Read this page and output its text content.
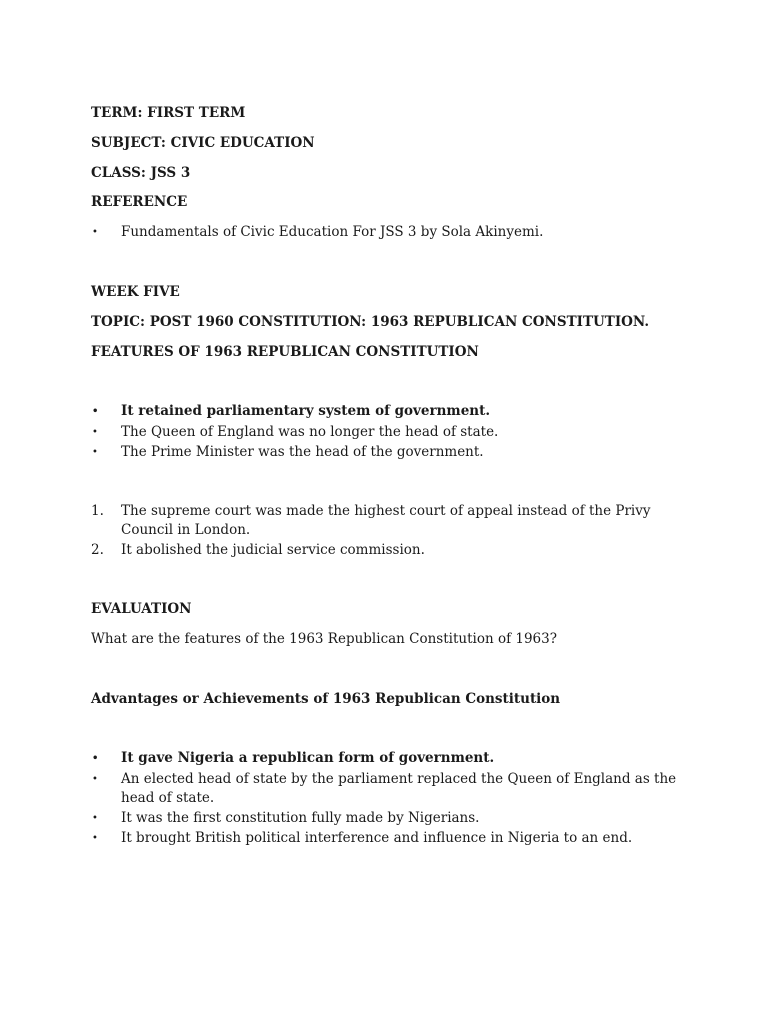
TERM: FIRST TERM
SUBJECT: CIVIC EDUCATION
CLASS: JSS 3
REFERENCE
•	Fundamentals of Civic Education For JSS 3 by Sola Akinyemi.
WEEK FIVE
TOPIC: POST 1960 CONSTITUTION: 1963 REPUBLICAN CONSTITUTION.
FEATURES OF 1963 REPUBLICAN CONSTITUTION
•	It retained parliamentary system of government.
•	The Queen of England was no longer the head of state.
•	The Prime Minister was the head of the government.
1.	The supreme court was made the highest court of appeal instead of the Privy Council in London.
2.	It abolished the judicial service commission.
EVALUATION
What are the features of the 1963 Republican Constitution of 1963?
Advantages or Achievements of 1963 Republican Constitution
•	It gave Nigeria a republican form of government.
•	An elected head of state by the parliament replaced the Queen of England as the head of state.
•	It was the first constitution fully made by Nigerians.
•	It brought British political interference and influence in Nigeria to an end.
